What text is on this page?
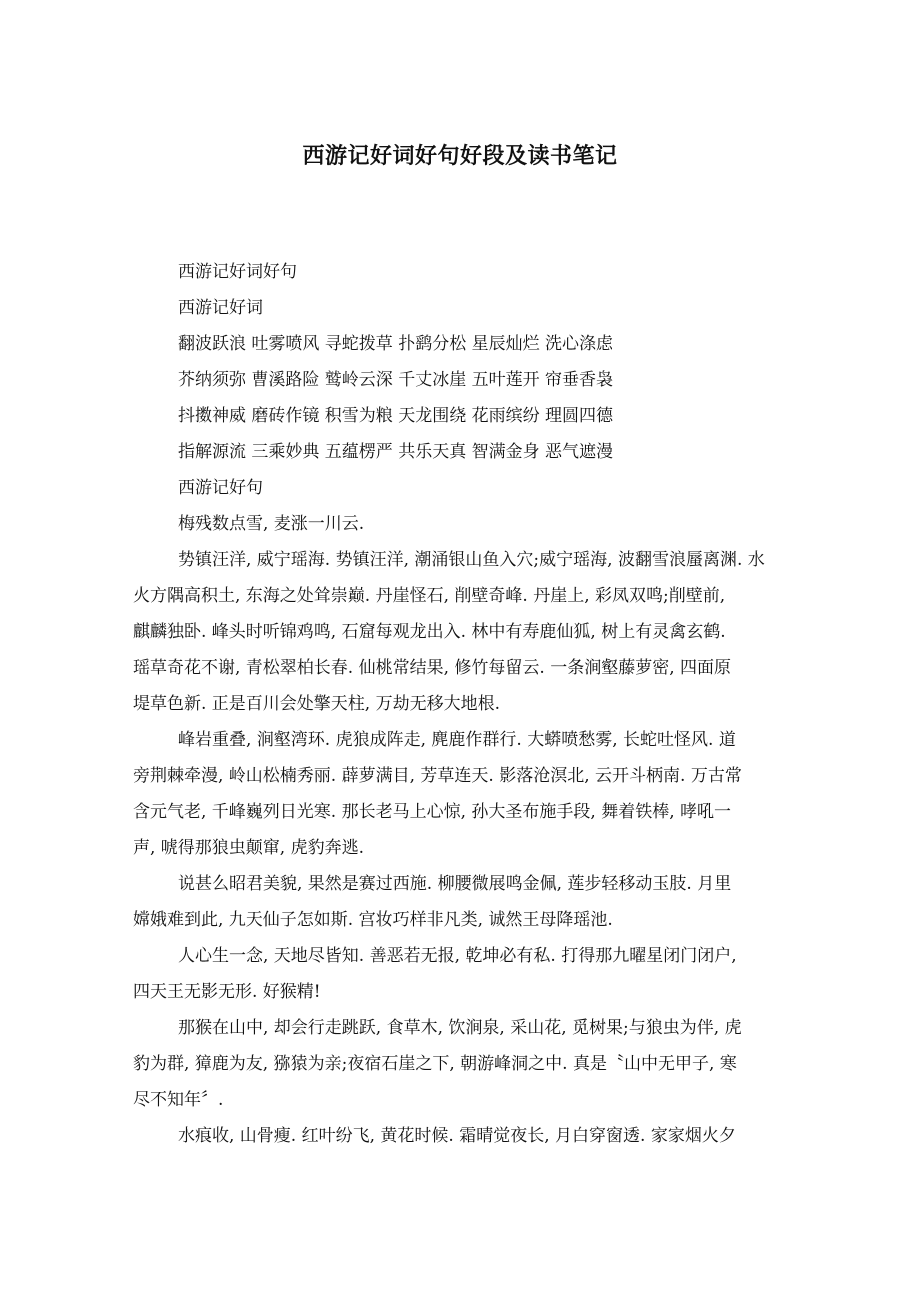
西游记好词好句好段及读书笔记
西游记好词好句
西游记好词
翻波跃浪 吐雾喷风 寻蛇拨草 扑鹞分松 星辰灿烂 洗心涤虑
芥纳须弥 曹溪路险 鹫岭云深 千丈冰崖 五叶莲开 帘垂香袅
抖擞神威 磨砖作镜 积雪为粮 天龙围绕 花雨缤纷 理圆四德
指解源流 三乘妙典 五蕴楞严 共乐天真 智满金身 恶气遮漫
西游记好句
梅残数点雪, 麦涨一川云.
势镇汪洋, 威宁瑶海. 势镇汪洋, 潮涌银山鱼入穴;威宁瑶海, 波翻雪浪蜃离渊. 水
火方隅高积土, 东海之处耸崇巅. 丹崖怪石, 削壁奇峰. 丹崖上, 彩凤双鸣;削壁前,
麒麟独卧. 峰头时听锦鸡鸣, 石窟每观龙出入. 林中有寿鹿仙狐, 树上有灵禽玄鹤.
瑶草奇花不谢, 青松翠柏长春. 仙桃常结果, 修竹每留云. 一条涧壑藤萝密, 四面原
堤草色新. 正是百川会处擎天柱, 万劫无移大地根.
峰岩重叠, 涧壑湾环. 虎狼成阵走, 麂鹿作群行. 大蟒喷愁雾, 长蛇吐怪风. 道
旁荆棘牵漫, 岭山松楠秀丽. 薜萝满目, 芳草连天. 影落沧溟北, 云开斗柄南. 万古常
含元气老, 千峰巍列日光寒. 那长老马上心惊, 孙大圣布施手段, 舞着铁棒, 哮吼一
声, 唬得那狼虫颠窜, 虎豹奔逃.
说甚么昭君美貌, 果然是赛过西施. 柳腰微展鸣金佩, 莲步轻移动玉肢. 月里
嫦娥难到此, 九天仙子怎如斯. 宫妆巧样非凡类, 诚然王母降瑶池.
人心生一念, 天地尽皆知. 善恶若无报, 乾坤必有私. 打得那九曜星闭门闭户,
四天王无影无形. 好猴精!
那猴在山中, 却会行走跳跃, 食草木, 饮涧泉, 采山花, 觅树果;与狼虫为伴, 虎
豹为群, 獐鹿为友, 猕猿为亲;夜宿石崖之下, 朝游峰洞之中. 真是〝山中无甲子, 寒
尽不知年〞.
水痕收, 山骨瘦. 红叶纷飞, 黄花时候. 霜晴觉夜长, 月白穿窗透. 家家烟火夕
